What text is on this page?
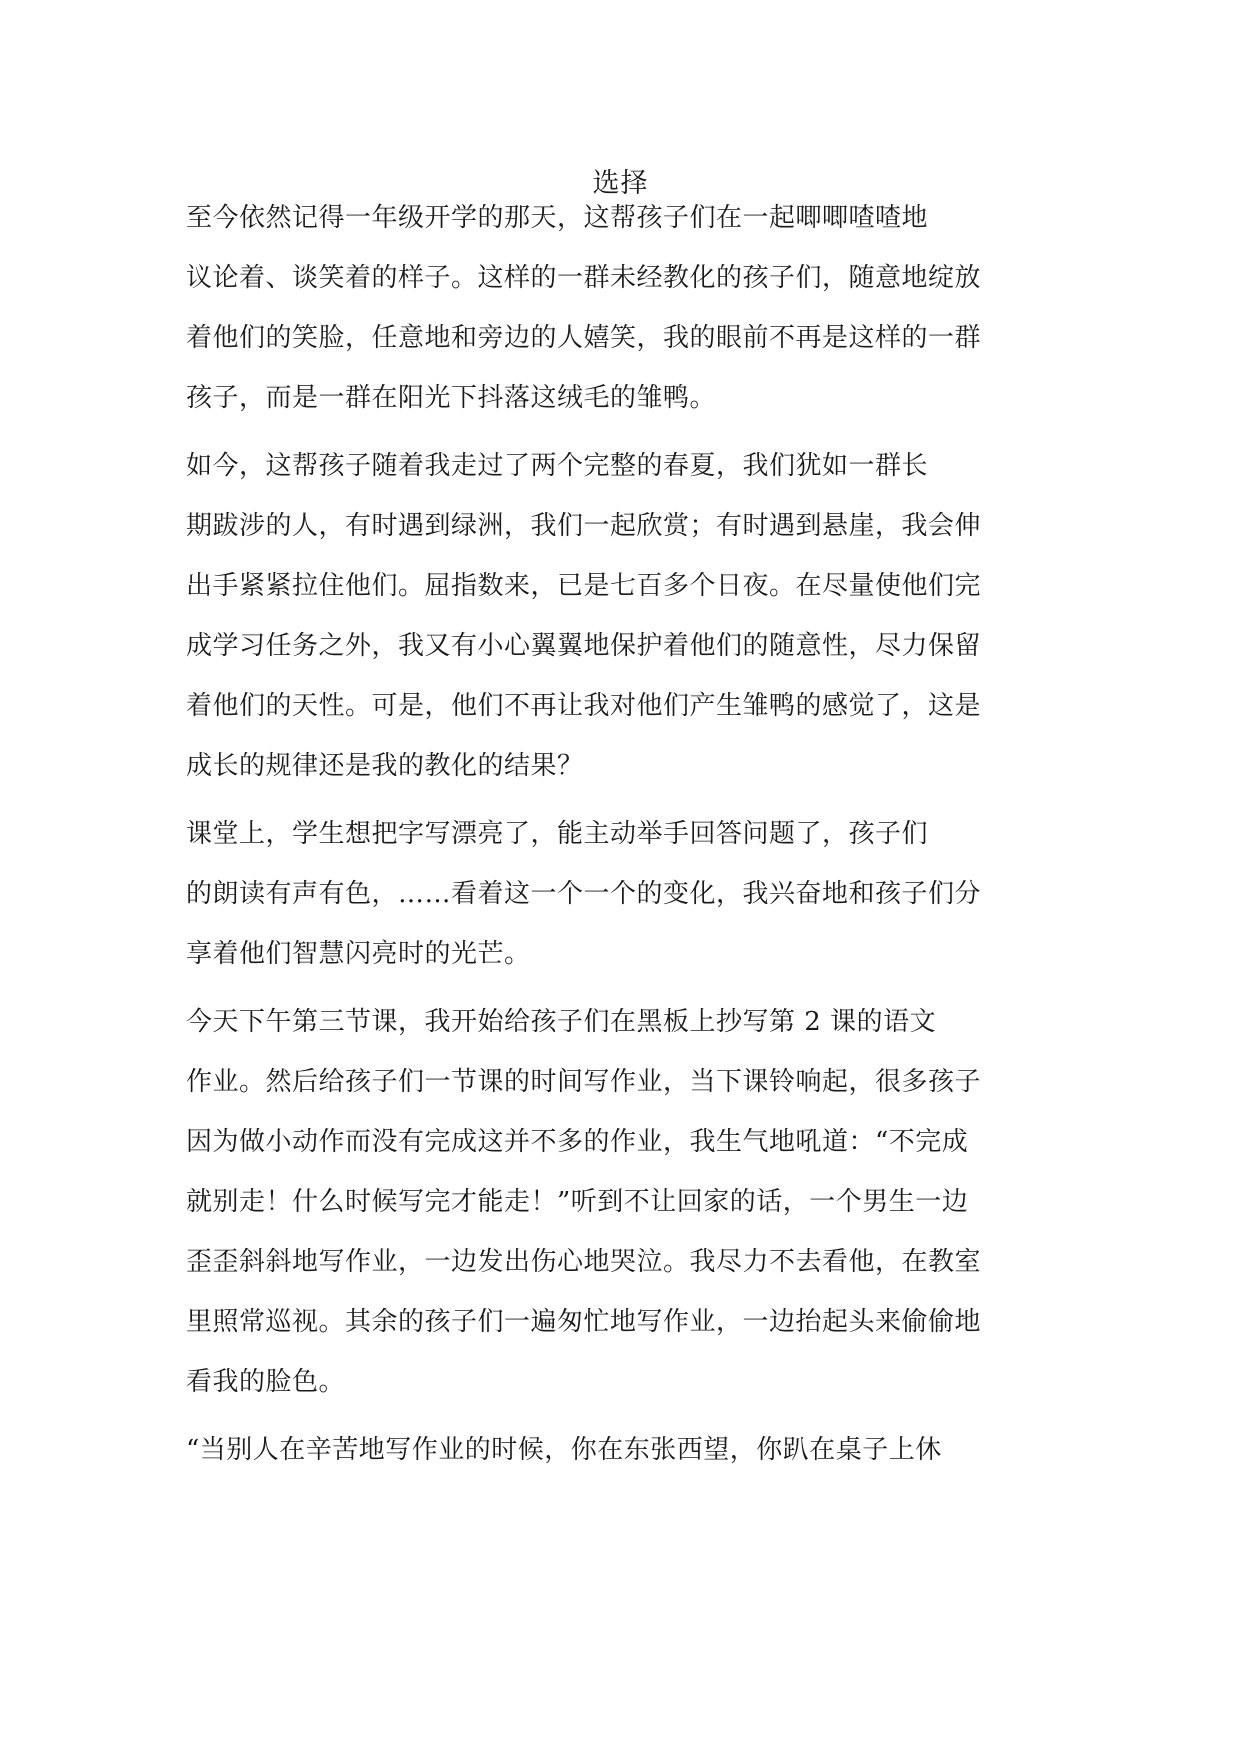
选择
至今依然记得一年级开学的那天，这帮孩子们在一起唧唧喳喳地
议论着、谈笑着的样子。这样的一群未经教化的孩子们，随意地绽放
着他们的笑脸，任意地和旁边的人嬉笑，我的眼前不再是这样的一群
孩子，而是一群在阳光下抖落这绒毛的雏鸭。
如今，这帮孩子随着我走过了两个完整的春夏，我们犹如一群长
期跋涉的人，有时遇到绿洲，我们一起欣赏；有时遇到悬崖，我会伸
出手紧紧拉住他们。屈指数来，已是七百多个日夜。在尽量使他们完
成学习任务之外，我又有小心翼翼地保护着他们的随意性，尽力保留
着他们的天性。可是，他们不再让我对他们产生雏鸭的感觉了，这是
成长的规律还是我的教化的结果？
课堂上，学生想把字写漂亮了，能主动举手回答问题了，孩子们
的朗读有声有色，……看着这一个一个的变化，我兴奋地和孩子们分
享着他们智慧闪亮时的光芒。
今天下午第三节课，我开始给孩子们在黑板上抄写第 2 课的语文
作业。然后给孩子们一节课的时间写作业，当下课铃响起，很多孩子
因为做小动作而没有完成这并不多的作业，我生气地吼道：“不完成
就别走！什么时候写完才能走！”听到不让回家的话，一个男生一边
歪歪斜斜地写作业，一边发出伤心地哭泣。我尽力不去看他，在教室
里照常巡视。其余的孩子们一遍匆忙地写作业，一边抬起头来偷偷地
看我的脸色。
“当别人在辛苦地写作业的时候，你在东张西望，你趴在桌子上休
